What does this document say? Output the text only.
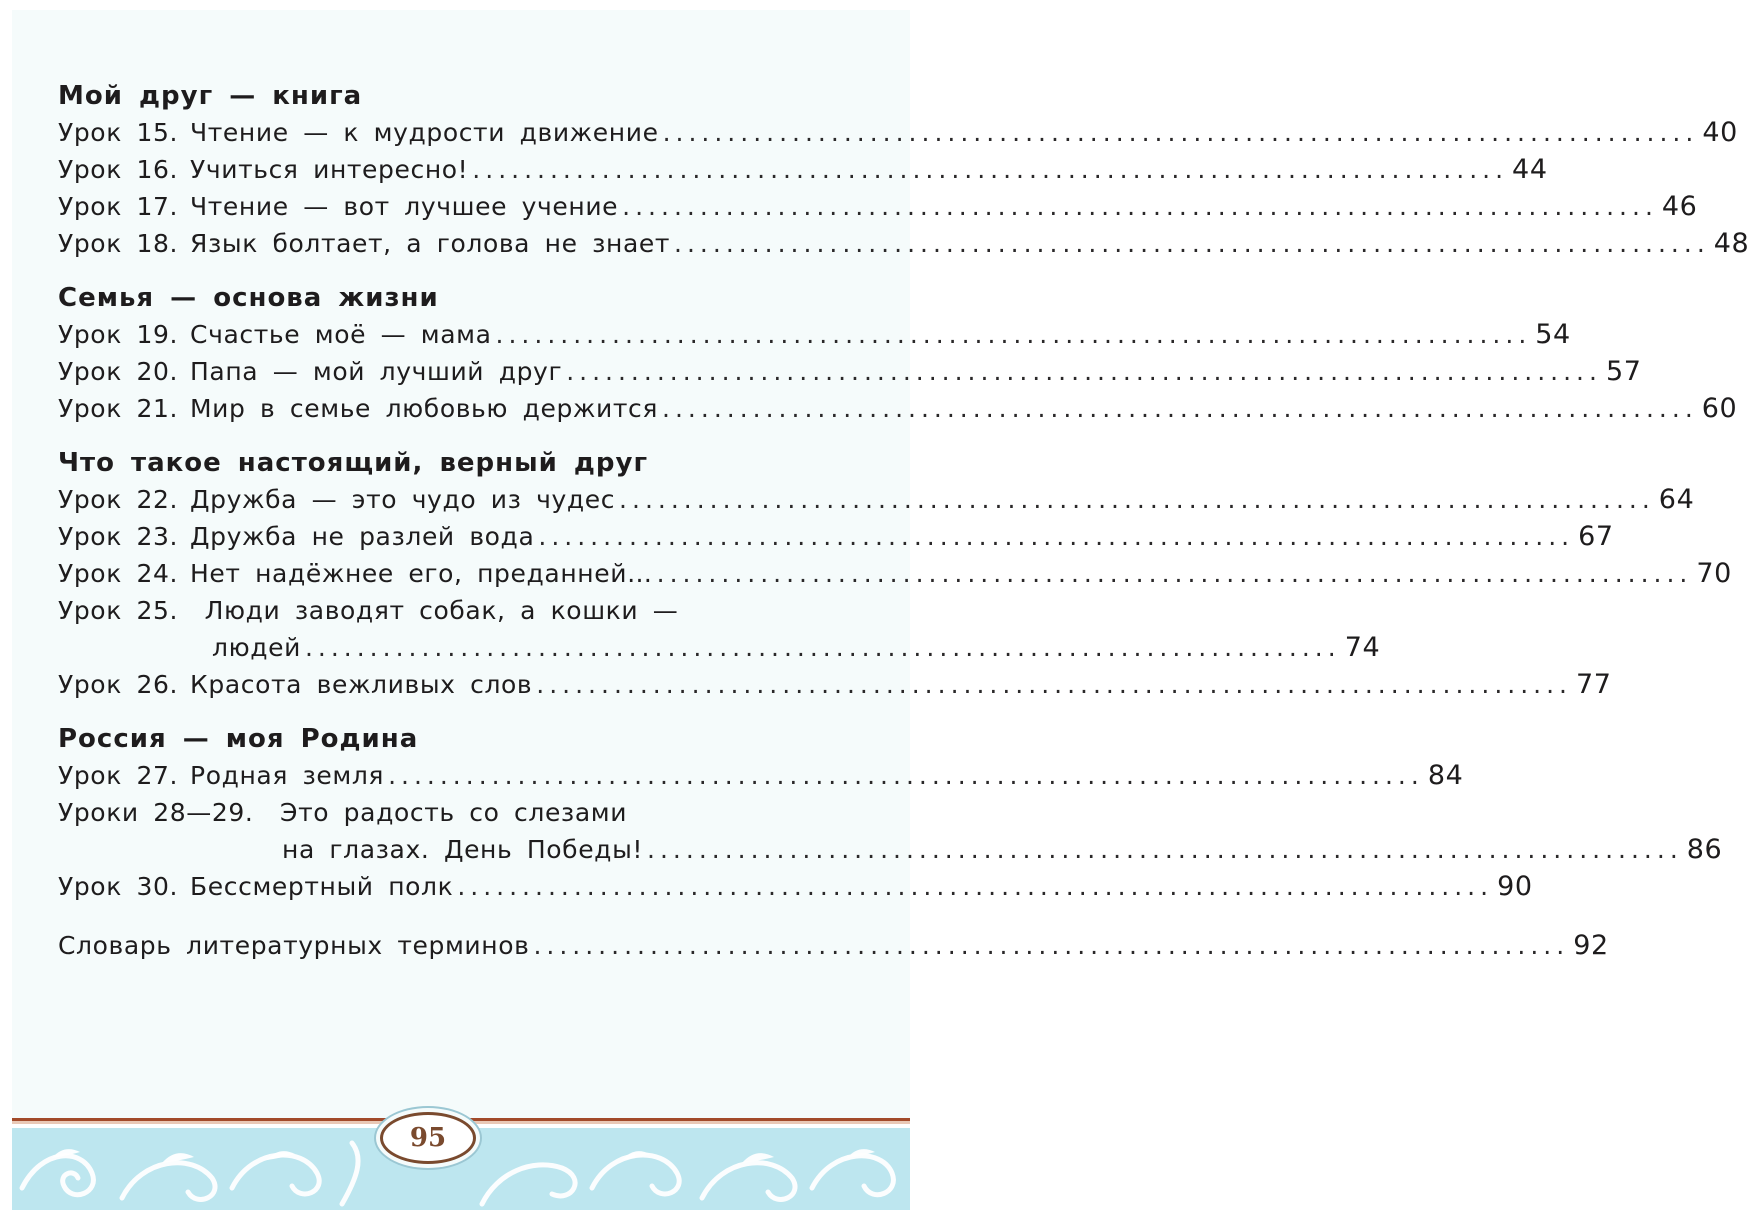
Мой друг — книга
Урок 15. Чтение — к мудрости движение ................................................................................ 40
Урок 16. Учиться интересно! ................................................................................ 44
Урок 17. Чтение — вот лучшее учение ................................................................................ 46
Урок 18. Язык болтает, а голова не знает ................................................................................ 48
Семья — основа жизни
Урок 19. Счастье моё — мама ................................................................................ 54
Урок 20. Папа — мой лучший друг ................................................................................ 57
Урок 21. Мир в семье любовью держится ................................................................................ 60
Что такое настоящий, верный друг
Урок 22. Дружба — это чудо из чудес ................................................................................ 64
Урок 23. Дружба не разлей вода ................................................................................ 67
Урок 24. Нет надёжнее его, преданней… ................................................................................ 70
Урок 25. Люди заводят собак, а кошки —
людей ................................................................................ 74
Урок 26. Красота вежливых слов ................................................................................ 77
Россия — моя Родина
Урок 27. Родная земля ................................................................................ 84
Уроки 28—29. Это радость со слезами
на глазах. День Победы! ................................................................................ 86
Урок 30. Бессмертный полк ................................................................................ 90
Словарь литературных терминов ................................................................................ 92
95
